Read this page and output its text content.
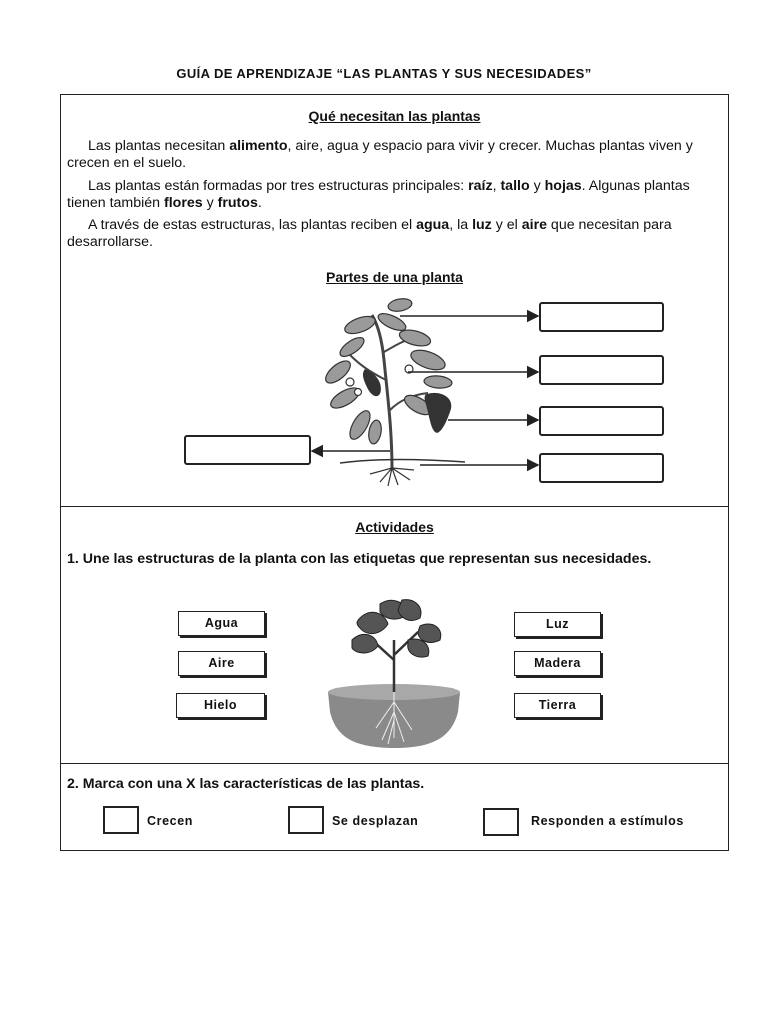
GUÍA DE APRENDIZAJE “LAS PLANTAS Y SUS NECESIDADES”
Qué necesitan las plantas
Las plantas necesitan alimento, aire, agua y espacio para vivir y crecer. Muchas plantas viven y crecen en el suelo.
Las plantas están formadas por tres estructuras principales: raíz, tallo y hojas. Algunas plantas tienen también flores y frutos.
A través de estas estructuras, las plantas reciben el agua, la luz y el aire que necesitan para desarrollarse.
Partes de una planta
Actividades
1. Une las estructuras de la planta con las etiquetas que representan sus necesidades.
Agua
Aire
Hielo
Luz
Madera
Tierra
2. Marca con una X las características de las plantas.
Crecen	Se desplazan	Responden a estímulos
